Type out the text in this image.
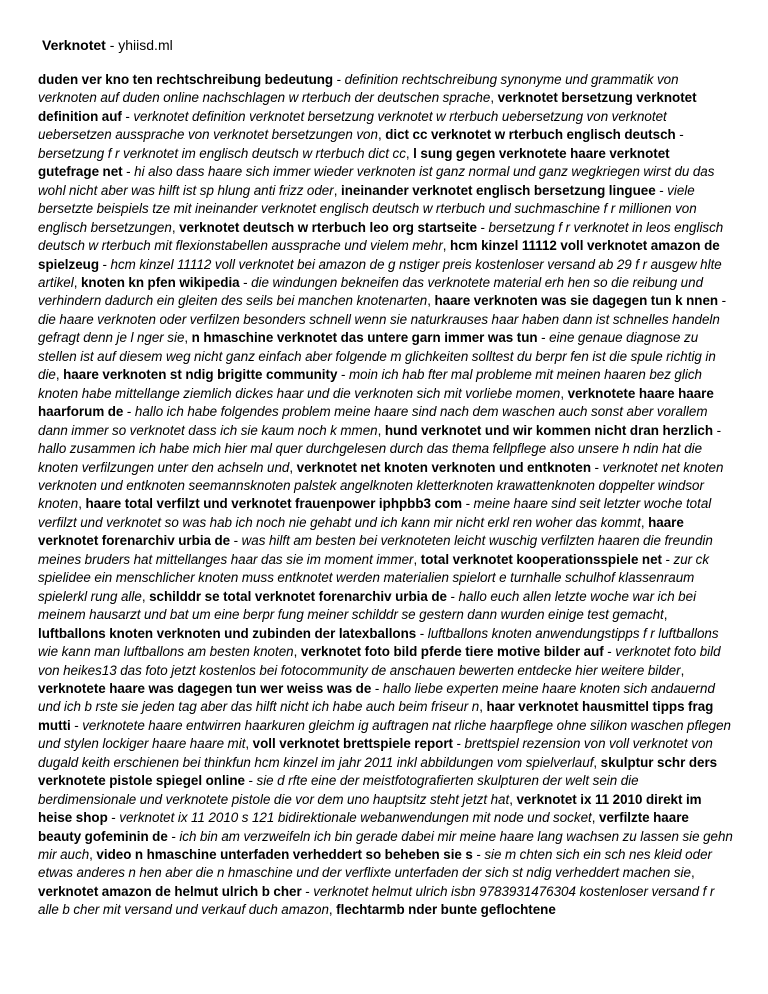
Verknotet - yhiisd.ml
duden ver kno ten rechtschreibung bedeutung - definition rechtschreibung synonyme und grammatik von verknoten auf duden online nachschlagen w rterbuch der deutschen sprache, verknotet bersetzung verknotet definition auf - verknotet definition verknotet bersetzung verknotet w rterbuch uebersetzung von verknotet uebersetzen aussprache von verknotet bersetzungen von, dict cc verknotet w rterbuch englisch deutsch - bersetzung f r verknotet im englisch deutsch w rterbuch dict cc, l sung gegen verknotete haare verknotet gutefrage net - hi also dass haare sich immer wieder verknoten ist ganz normal und ganz wegkriegen wirst du das wohl nicht aber was hilft ist sp hlung anti frizz oder, ineinander verknotet englisch bersetzung linguee - viele bersetzte beispiels tze mit ineinander verknotet englisch deutsch w rterbuch und suchmaschine f r millionen von englisch bersetzungen, verknotet deutsch w rterbuch leo org startseite - bersetzung f r verknotet in leos englisch deutsch w rterbuch mit flexionstabellen aussprache und vielem mehr, hcm kinzel 11112 voll verknotet amazon de spielzeug - hcm kinzel 11112 voll verknotet bei amazon de g nstiger preis kostenloser versand ab 29 f r ausgew hlte artikel, knoten kn pfen wikipedia - die windungen bekneifen das verknotete material erh hen so die reibung und verhindern dadurch ein gleiten des seils bei manchen knotenarten, haare verknoten was sie dagegen tun k nnen - die haare verknoten oder verfilzen besonders schnell wenn sie naturkrauses haar haben dann ist schnelles handeln gefragt denn je l nger sie, n hmaschine verknotet das untere garn immer was tun - eine genaue diagnose zu stellen ist auf diesem weg nicht ganz einfach aber folgende m glichkeiten solltest du berpr fen ist die spule richtig in die, haare verknoten st ndig brigitte community - moin ich hab fter mal probleme mit meinen haaren bez glich knoten habe mittellange ziemlich dickes haar und die verknoten sich mit vorliebe momen, verknotete haare haare haarforum de - hallo ich habe folgendes problem meine haare sind nach dem waschen auch sonst aber vorallem dann immer so verknotet dass ich sie kaum noch k mmen, hund verknotet und wir kommen nicht dran herzlich - hallo zusammen ich habe mich hier mal quer durchgelesen durch das thema fellpflege also unsere h ndin hat die knoten verfilzungen unter den achseln und, verknotet net knoten verknoten und entknoten - verknotet net knoten verknoten und entknoten seemannsknoten palstek angelknoten kletterknoten krawattenknoten doppelter windsor knoten, haare total verfilzt und verknotet frauenpower iphpbb3 com - meine haare sind seit letzter woche total verfilzt und verknotet so was hab ich noch nie gehabt und ich kann mir nicht erkl ren woher das kommt, haare verknotet forenarchiv urbia de - was hilft am besten bei verknoteten leicht wuschig verfilzten haaren die freundin meines bruders hat mittellanges haar das sie im moment immer, total verknotet kooperationsspiele net - zur ck spielidee ein menschlicher knoten muss entknotet werden materialien spielort e turnhalle schulhof klassenraum spielerkl rung alle, schilddr se total verknotet forenarchiv urbia de - hallo euch allen letzte woche war ich bei meinem hausarzt und bat um eine berpr fung meiner schilddr se gestern dann wurden einige test gemacht, luftballons knoten verknoten und zubinden der latexballons - luftballons knoten anwendungstipps f r luftballons wie kann man luftballons am besten knoten, verknotet foto bild pferde tiere motive bilder auf - verknotet foto bild von heikes13 das foto jetzt kostenlos bei fotocommunity de anschauen bewerten entdecke hier weitere bilder, verknotete haare was dagegen tun wer weiss was de - hallo liebe experten meine haare knoten sich andauernd und ich b rste sie jeden tag aber das hilft nicht ich habe auch beim friseur n, haar verknotet hausmittel tipps frag mutti - verknotete haare entwirren haarkuren gleichm ig auftragen nat rliche haarpflege ohne silikon waschen pflegen und stylen lockiger haare haare mit, voll verknotet brettspiele report - brettspiel rezension von voll verknotet von dugald keith erschienen bei thinkfun hcm kinzel im jahr 2011 inkl abbildungen vom spielverlauf, skulptur schr ders verknotete pistole spiegel online - sie d rfte eine der meistfotografierten skulpturen der welt sein die berdimensionale und verknotete pistole die vor dem uno hauptsitz steht jetzt hat, verknotet ix 11 2010 direkt im heise shop - verknotet ix 11 2010 s 121 bidirektionale webanwendungen mit node und socket, verfilzte haare beauty gofeminin de - ich bin am verzweifeln ich bin gerade dabei mir meine haare lang wachsen zu lassen sie gehn mir auch, video n hmaschine unterfaden verheddert so beheben sie s - sie m chten sich ein sch nes kleid oder etwas anderes n hen aber die n hmaschine und der verflixte unterfaden der sich st ndig verheddert machen sie, verknotet amazon de helmut ulrich b cher - verknotet helmut ulrich isbn 9783931476304 kostenloser versand f r alle b cher mit versand und verkauf duch amazon, flechtarmb nder bunte geflochtene
